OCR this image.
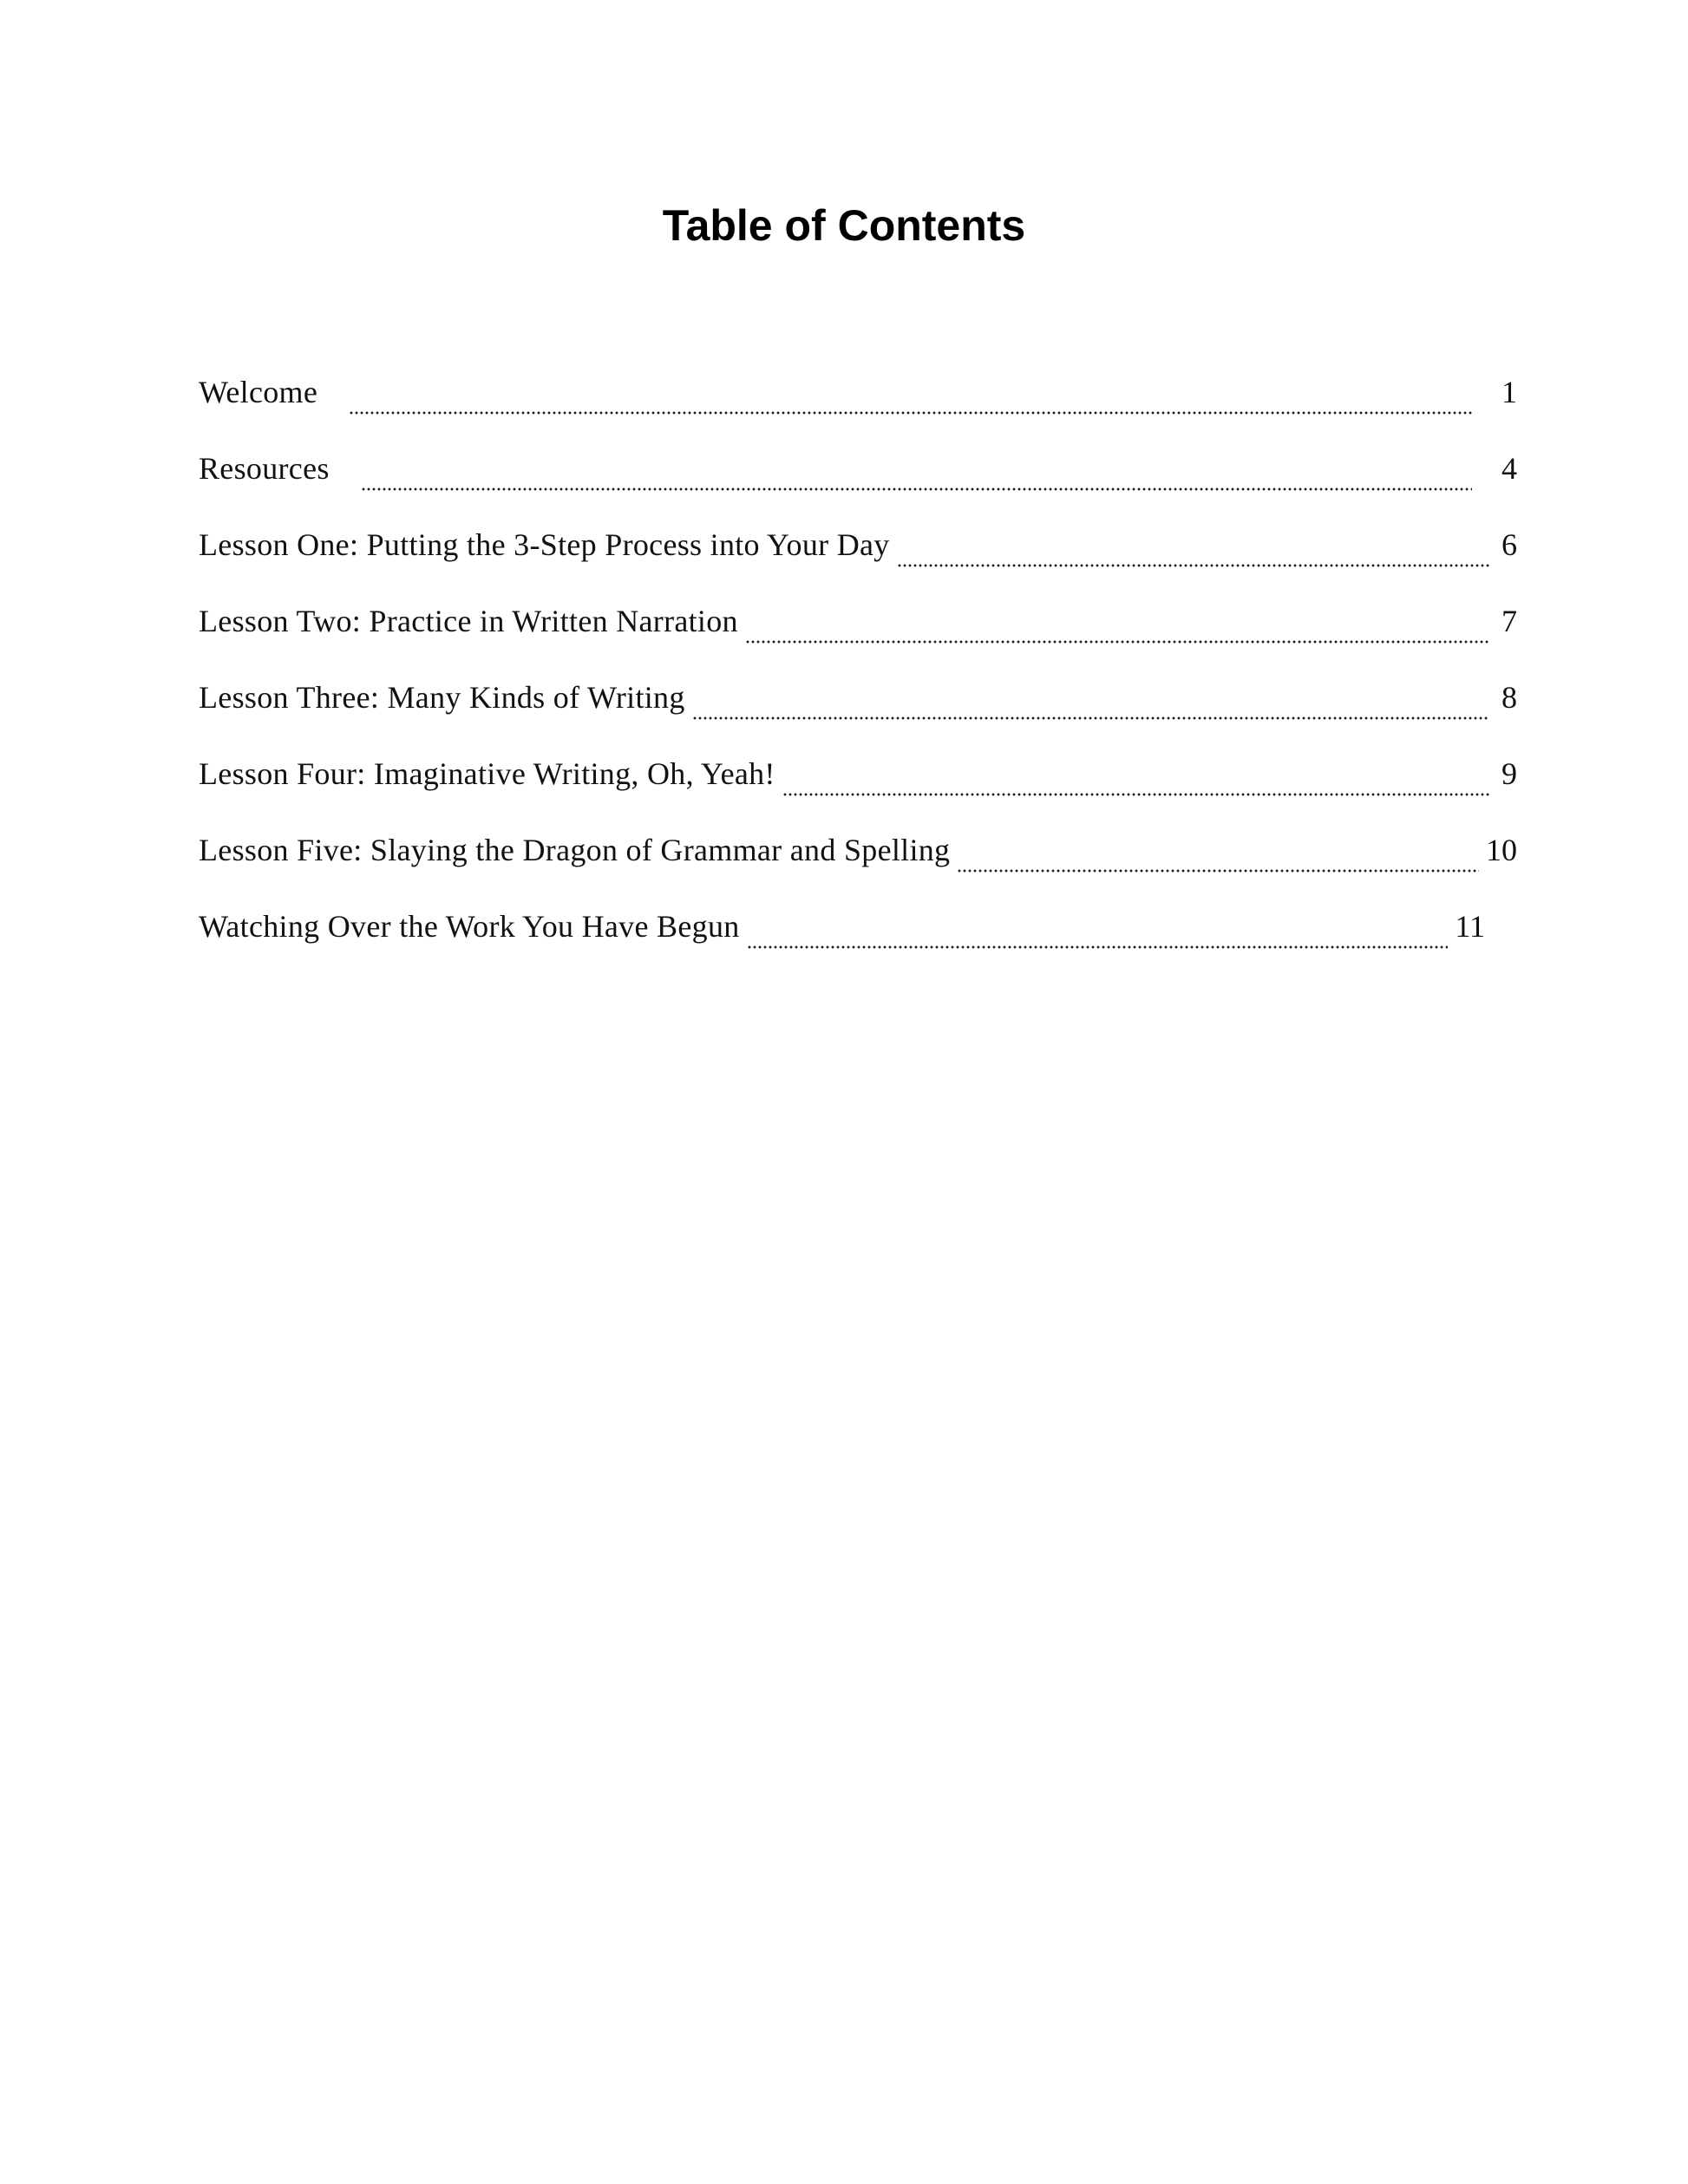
Table of Contents
Welcome	1
Resources	4
Lesson One: Putting the 3-Step Process into Your Day	6
Lesson Two: Practice in Written Narration	7
Lesson Three: Many Kinds of Writing	8
Lesson Four: Imaginative Writing, Oh, Yeah!	9
Lesson Five: Slaying the Dragon of Grammar and Spelling	10
Watching Over the Work You Have Begun	11
